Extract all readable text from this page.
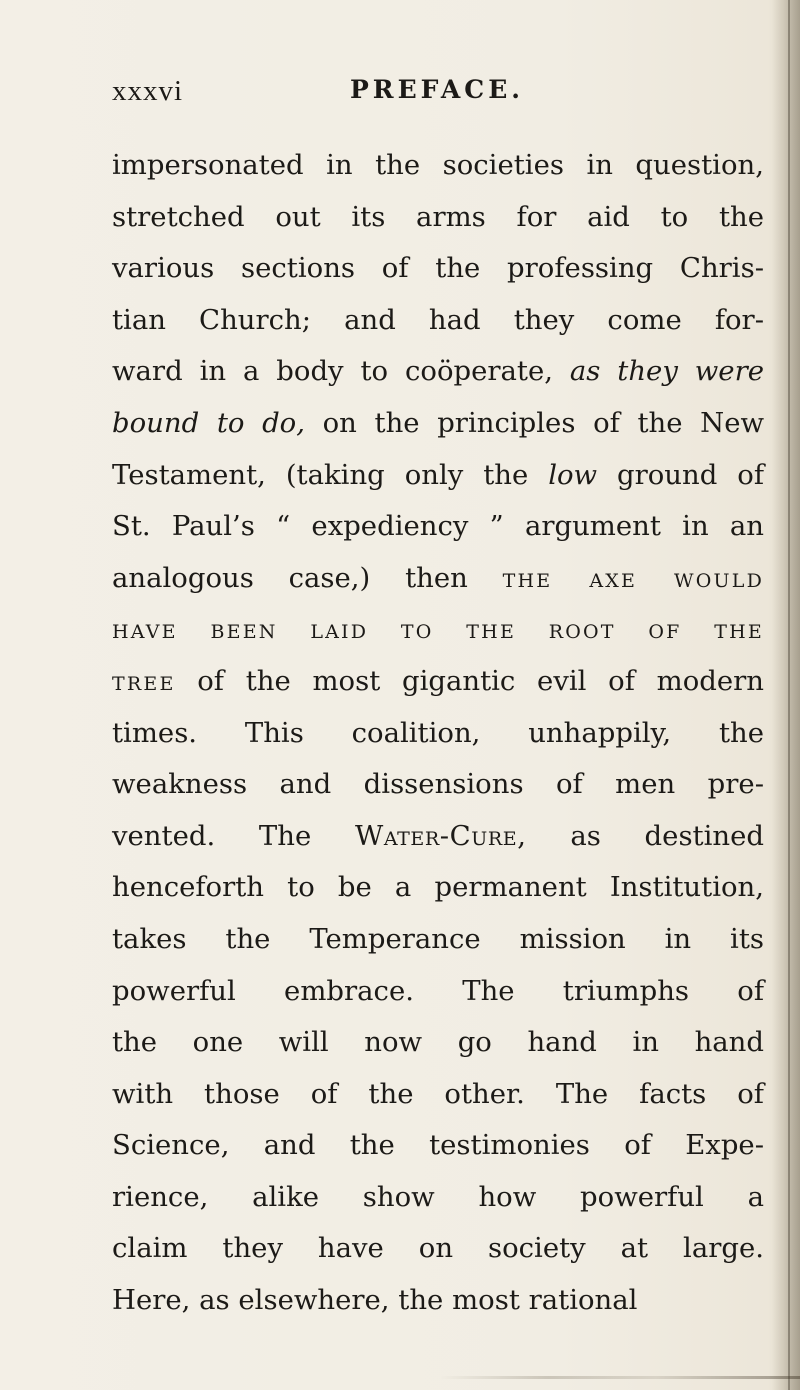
xxxvi	PREFACE.
impersonated in the societies in question,
stretched out its arms for aid to the
various sections of the professing Chris-
tian Church; and had they come for-
ward in a body to coöperate, as they were
bound to do, on the principles of the New
Testament, (taking only the low ground of
St. Paul’s “ expediency ” argument in an
analogous case,) then the axe would
have been laid to the root of the
tree of the most gigantic evil of modern
times. This coalition, unhappily, the
weakness and dissensions of men pre-
vented. The Water-Cure, as destined
henceforth to be a permanent Institution,
takes the Temperance mission in its
powerful embrace. The triumphs of
the one will now go hand in hand
with those of the other. The facts of
Science, and the testimonies of Expe-
rience, alike show how powerful a
claim they have on society at large.
Here, as elsewhere, the most rational
